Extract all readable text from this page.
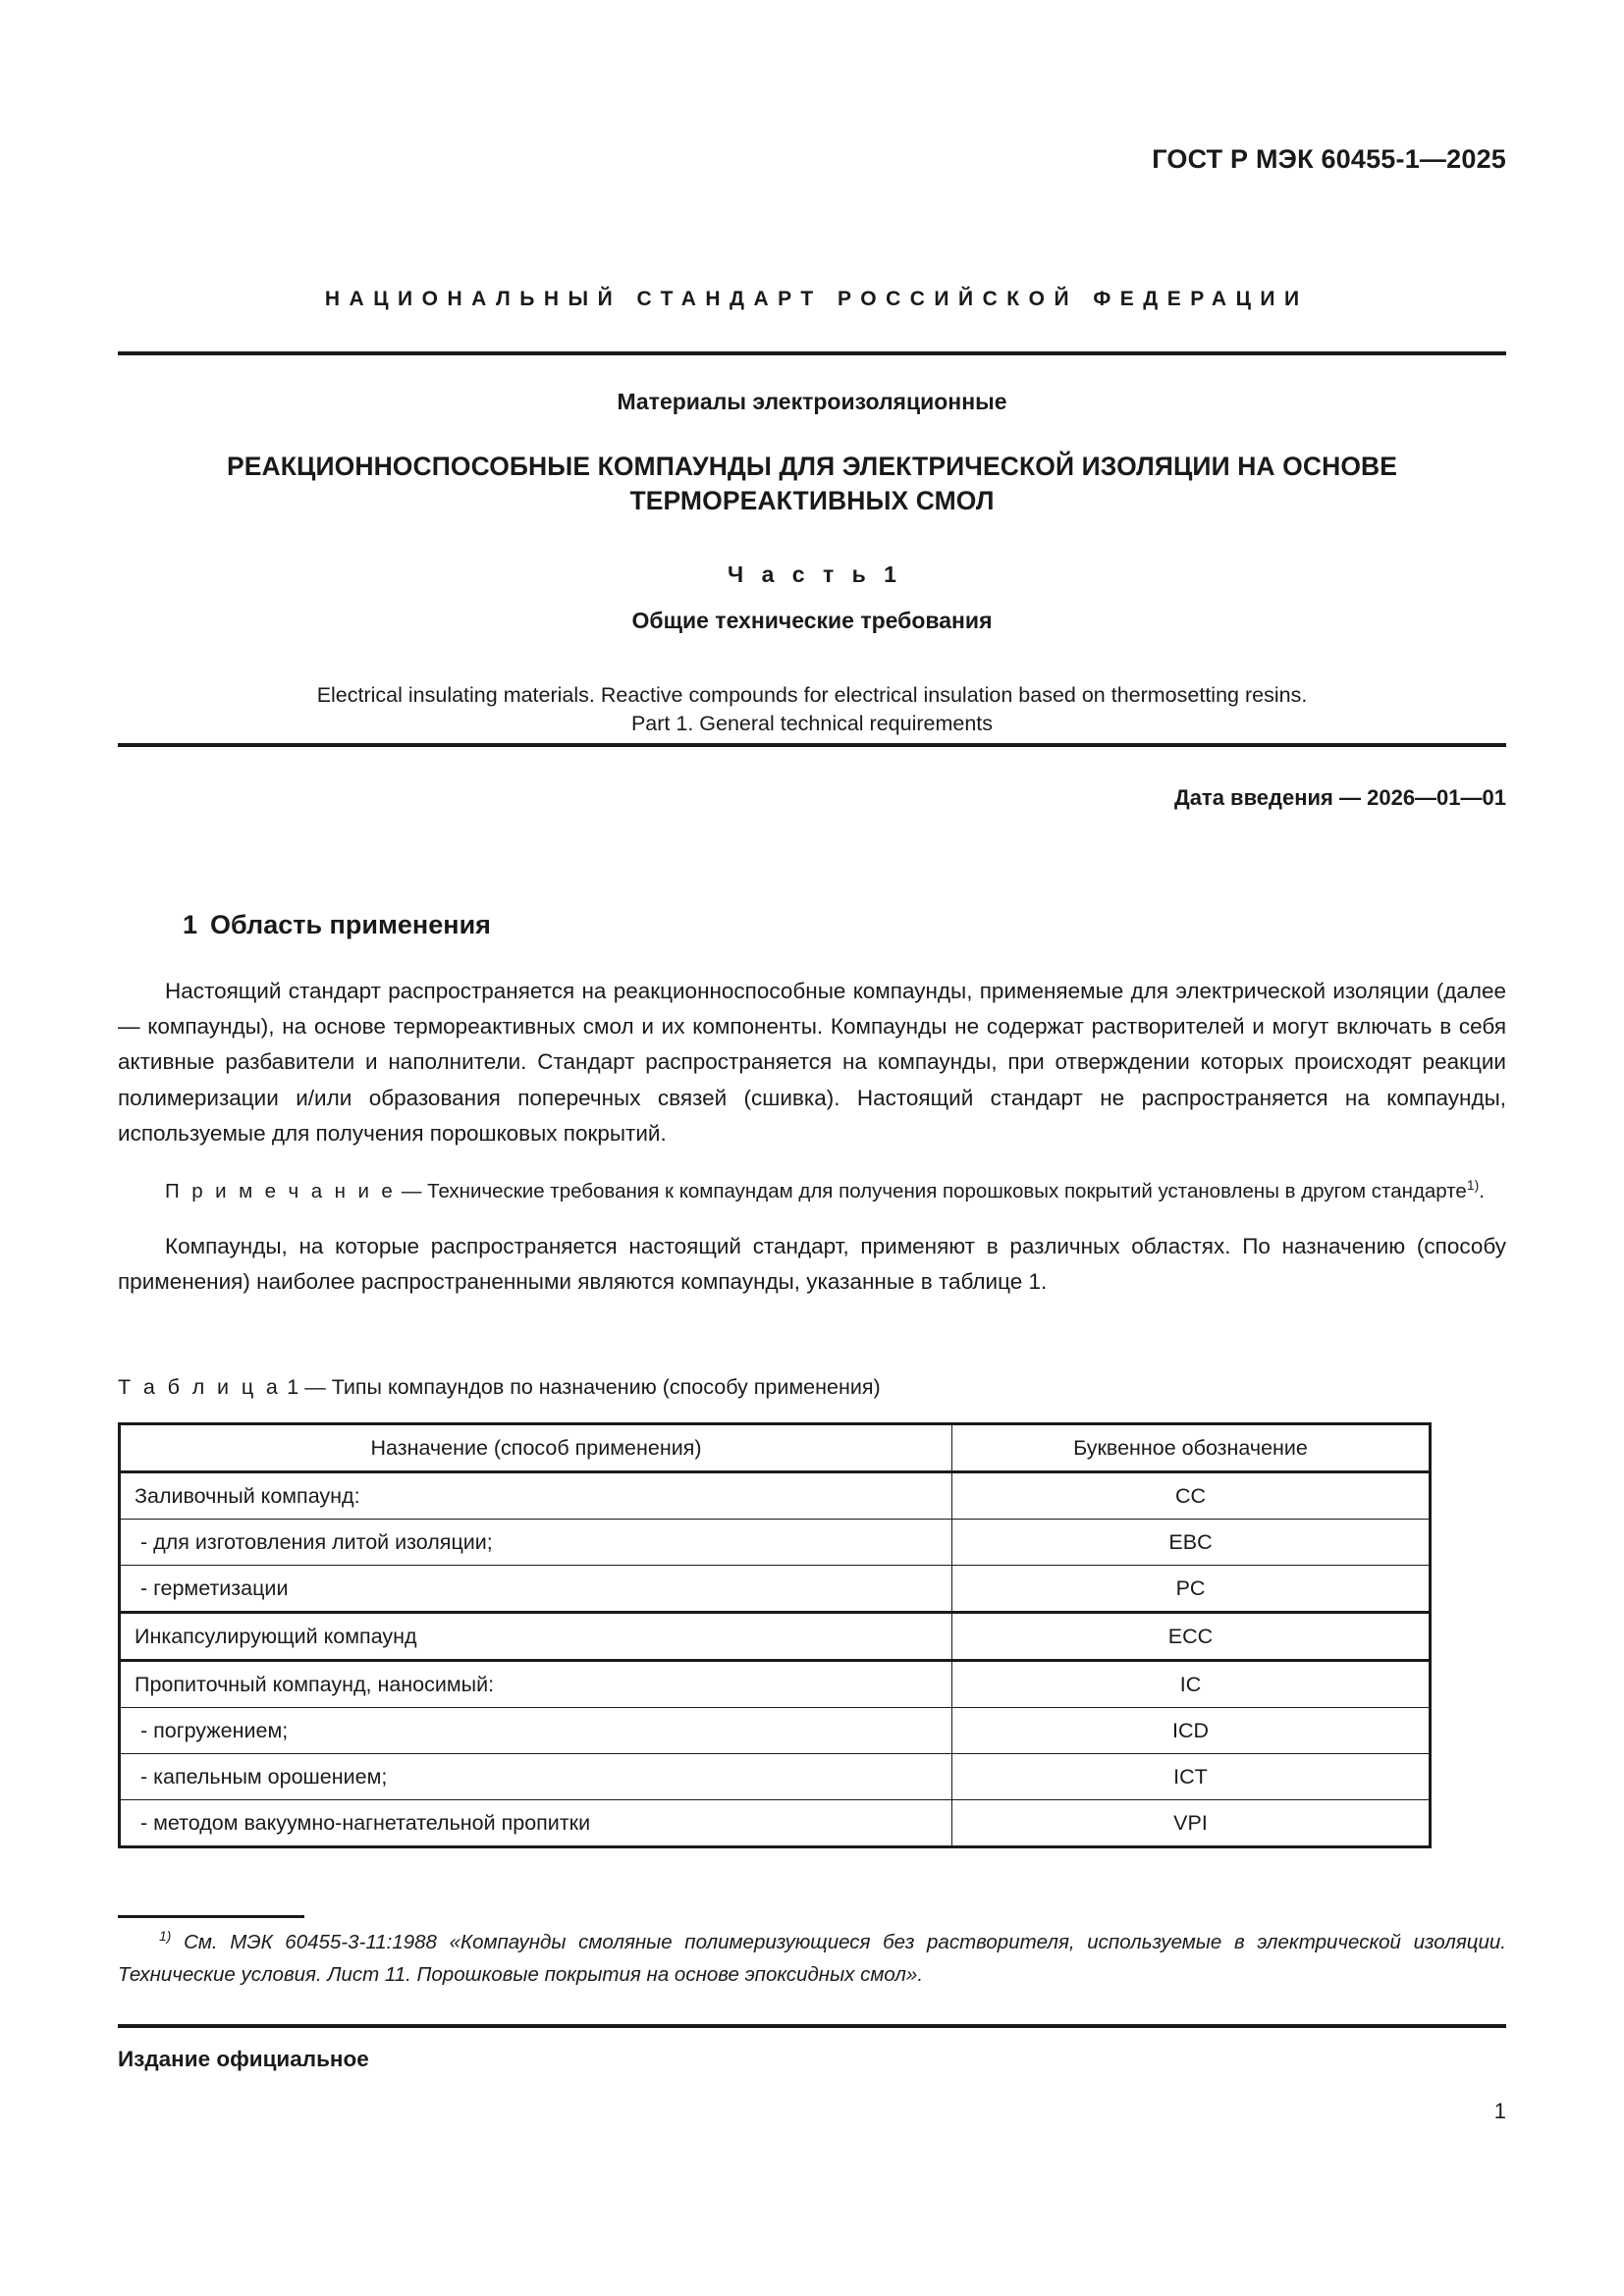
ГОСТ Р МЭК 60455-1—2025
НАЦИОНАЛЬНЫЙ СТАНДАРТ РОССИЙСКОЙ ФЕДЕРАЦИИ

Материалы электроизоляционные

РЕАКЦИОННОСПОСОБНЫЕ КОМПАУНДЫ ДЛЯ ЭЛЕКТРИЧЕСКОЙ ИЗОЛЯЦИИ НА ОСНОВЕ ТЕРМОРЕАКТИВНЫХ СМОЛ

Ч а с т ь 1

Общие технические требования

Electrical insulating materials. Reactive compounds for electrical insulation based on thermosetting resins.
Part 1. General technical requirements

Дата введения — 2026—01—01
1 Область применения

Настоящий стандарт распространяется на реакционноспособные компаунды, применяемые для электрической изоляции (далее — компаунды), на основе термореактивных смол и их компоненты. Компаунды не содержат растворителей и могут включать в себя активные разбавители и наполнители. Стандарт распространяется на компаунды, при отверждении которых происходят реакции полимеризации и/или образования поперечных связей (сшивка). Настоящий стандарт не распространяется на компаунды, используемые для получения порошковых покрытий.

П р и м е ч а н и е — Технические требования к компаундам для получения порошковых покрытий установлены в другом стандарте$^{1)}$.

Компаунды, на которые распространяется настоящий стандарт, применяют в различных областях. По назначению (способу применения) наиболее распространенными являются компаунды, указанные в таблице 1.

Т а б л и ц а 1 — Типы компаундов по назначению (способу применения)
Назначение (способ применения)	Буквенное обозначение
Заливочный компаунд:	CC
- для изготовления литой изоляции;	EBC
- герметизации	PC
Инкапсулирующий компаунд	ECC
Пропиточный компаунд, наносимый:	IC
- погружением;	ICD
- капельным орошением;	ICT
- методом вакуумно-нагнетательной пропитки	VPI
$^{1)}$ См. МЭК 60455-3-11:1988 «Компаунды смоляные полимеризующиеся без растворителя, используемые в электрической изоляции. Технические условия. Лист 11. Порошковые покрытия на основе эпоксидных смол».
Издание официальное
1
